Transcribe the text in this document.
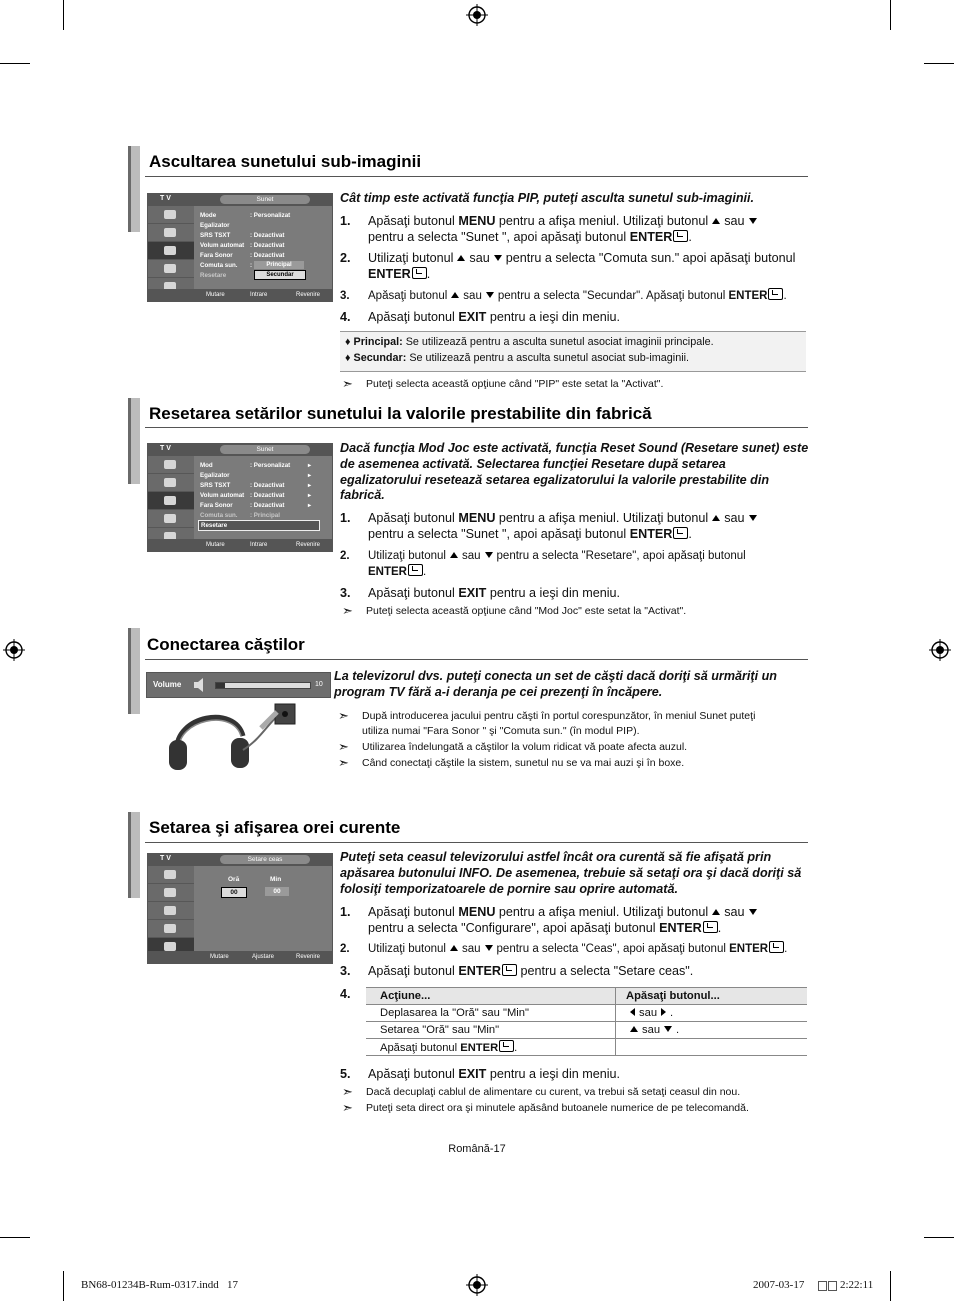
Ascultarea sunetului sub-imaginii
T V	Sunet
Mode	: Personalizat
Egalizator
SRS TSXT	: Dezactivat
Volum automat : Dezactivat
Fara Sonor	: Dezactivat
Comuta sun. :
Resetare
Principal
Secundar
Mutare	Intrare	Revenire
Cât timp este activată funcţia PIP, puteţi asculta sunetul sub-imaginii.
1. Apăsaţi butonul MENU pentru a afişa meniul. Utilizaţi butonul sau
pentru a selecta "Sunet ", apoi apăsaţi butonul ENTER .
2. Utilizaţi butonul sau pentru a selecta "Comuta sun." apoi apăsaţi butonul
ENTER .
3. Apăsaţi butonul sau pentru a selecta "Secundar". Apăsaţi butonul ENTER .
4. Apăsaţi butonul EXIT pentru a ieşi din meniu.
♦ Principal: Se utilizează pentru a asculta sunetul asociat imaginii principale.
♦ Secundar: Se utilizează pentru a asculta sunetul asociat sub-imaginii.
➣ Puteţi selecta această opţiune când "PIP" este setat la "Activat".
Resetarea setărilor sunetului la valorile prestabilite din fabrică
T V	Sunet
Mod	: Personalizat	▸
Egalizator	▸
SRS TSXT	: Dezactivat	▸
Volum automat : Dezactivat	▸
Fara Sonor	: Dezactivat	▸
Comuta sun. : Principal
Resetare
Mutare	Intrare	Revenire
Dacă funcţia Mod Joc este activată, funcţia Reset Sound (Resetare sunet) este de asemenea activată. Selectarea funcţiei Resetare după setarea egalizatorului resetează setarea egalizatorului la valorile prestabilite din fabrică.
1. Apăsaţi butonul MENU pentru a afişa meniul. Utilizaţi butonul sau
pentru a selecta "Sunet ", apoi apăsaţi butonul ENTER .
2. Utilizaţi butonul sau pentru a selecta "Resetare", apoi apăsaţi butonul
ENTER .
3. Apăsaţi butonul EXIT pentru a ieşi din meniu.
➣ Puteţi selecta această opţiune când "Mod Joc" este setat la "Activat".
Conectarea căştilor
Volume	10
La televizorul dvs. puteţi conecta un set de căşti dacă doriţi să urmăriţi un program TV fără a-i deranja pe cei prezenţi în încăpere.
➣ După introducerea jacului pentru căşti în portul corespunzător, în meniul Sunet puteţi utiliza numai "Fara Sonor " şi "Comuta sun." (în modul PIP).
➣ Utilizarea îndelungată a căştilor la volum ridicat vă poate afecta auzul.
➣ Când conectaţi căştile la sistem, sunetul nu se va mai auzi şi în boxe.
Setarea şi afişarea orei curente
T V	Setare ceas
Oră	Min
00	00
Mutare	Ajustare	Revenire
Puteţi seta ceasul televizorului astfel încât ora curentă să fie afişată prin apăsarea butonului INFO. De asemenea, trebuie să setaţi ora şi dacă doriţi să folosiţi temporizatoarele de pornire sau oprire automată.
1. Apăsaţi butonul MENU pentru a afişa meniul. Utilizaţi butonul sau
pentru a selecta "Configurare", apoi apăsaţi butonul ENTER .
2. Utilizaţi butonul sau pentru a selecta "Ceas", apoi apăsaţi butonul ENTER .
3. Apăsaţi butonul ENTER pentru a selecta "Setare ceas".
4.	Acţiune...	Apăsaţi butonul...
Deplasarea la "Oră" sau "Min"	sau .
Setarea "Oră" sau "Min"	sau .
Apăsaţi butonul ENTER .	
5. Apăsaţi butonul EXIT pentru a ieşi din meniu.
➣ Dacă decuplaţi cablul de alimentare cu curent, va trebui să setaţi ceasul din nou.
➣ Puteţi seta direct ora şi minutele apăsând butoanele numerice de pe telecomandă.
Română-17
BN68-01234B-Rum-0317.indd   17	2007-03-17	2:22:11
